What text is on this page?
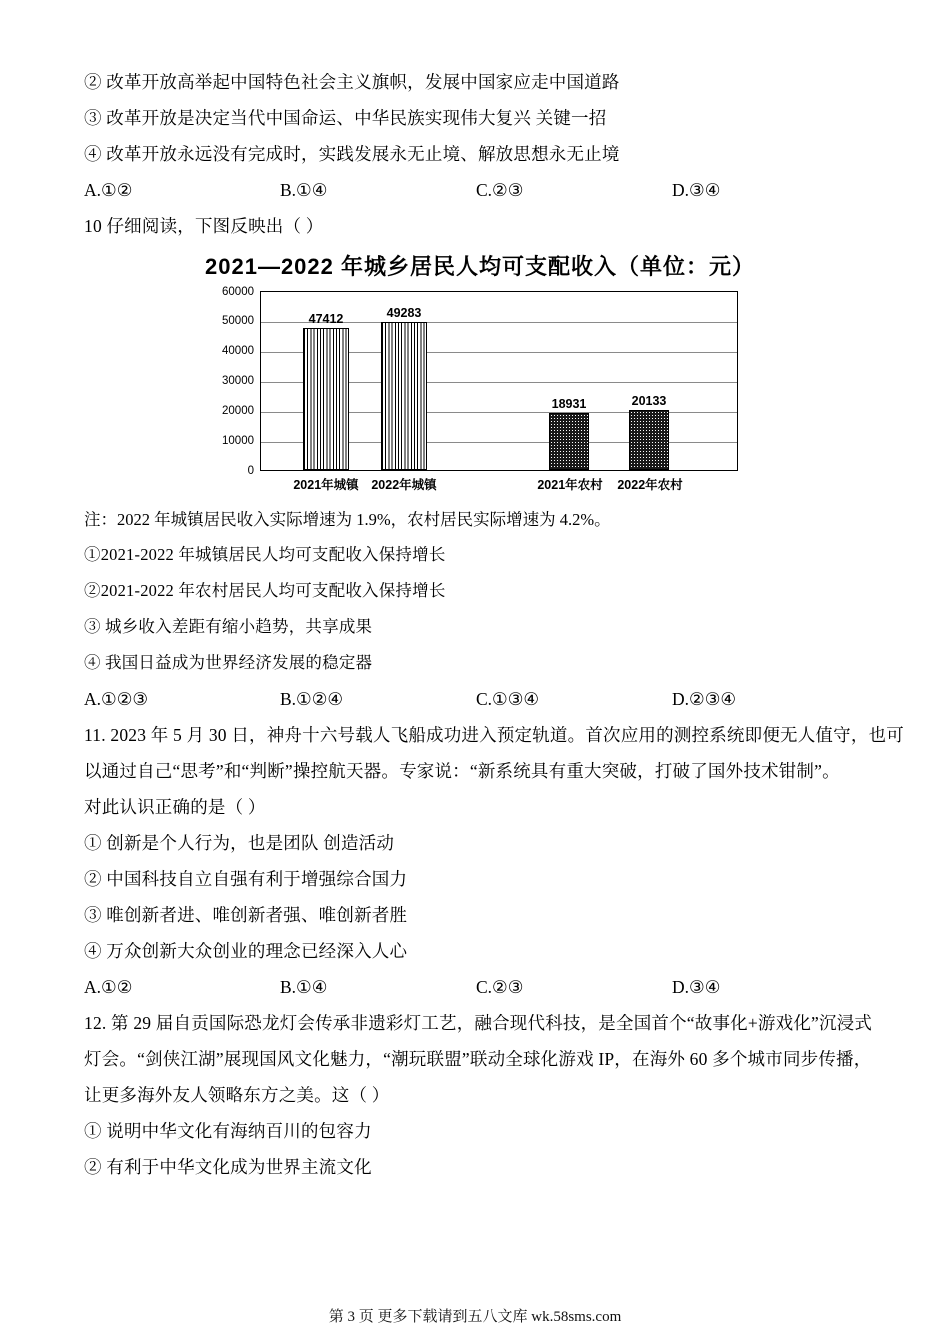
② 改革开放高举起中国特色社会主义旗帜，发展中国家应走中国道路
③ 改革开放是决定当代中国命运、中华民族实现伟大复兴 关键一招
④ 改革开放永远没有完成时，实践发展永无止境、解放思想永无止境
A.①②	B.①④	C.②③	D.③④
10 仔细阅读，下图反映出（ ）
2021—2022 年城乡居民人均可支配收入（单位：元）
0
10000
20000
30000
40000
50000
60000
47412	49283
18931	20133
2021年城镇 2022年城镇	2021年农村 2022年农村
注：2022 年城镇居民收入实际增速为 1.9%，农村居民实际增速为 4.2%。
①2021-2022 年城镇居民人均可支配收入保持增长
②2021-2022 年农村居民人均可支配收入保持增长
③ 城乡收入差距有缩小趋势，共享成果
④ 我国日益成为世界经济发展的稳定器
A.①②③	B.①②④	C.①③④	D.②③④
11. 2023 年 5 月 30 日，神舟十六号载人飞船成功进入预定轨道。首次应用的测控系统即便无人值守，也可
以通过自己“思考”和“判断”操控航天器。专家说：“新系统具有重大突破，打破了国外技术钳制”。
对此认识正确的是（ ）
① 创新是个人行为，也是团队 创造活动
② 中国科技自立自强有利于增强综合国力
③ 唯创新者进、唯创新者强、唯创新者胜
④ 万众创新大众创业的理念已经深入人心
A.①②	B.①④	C.②③	D.③④
12. 第 29 届自贡国际恐龙灯会传承非遗彩灯工艺，融合现代科技，是全国首个“故事化+游戏化”沉浸式
灯会。“剑侠江湖”展现国风文化魅力，“潮玩联盟”联动全球化游戏 IP，在海外 60 多个城市同步传播，
让更多海外友人领略东方之美。这（ ）
① 说明中华文化有海纳百川的包容力
② 有利于中华文化成为世界主流文化
第 3 页 更多下载请到五八文库 wk.58sms.com
